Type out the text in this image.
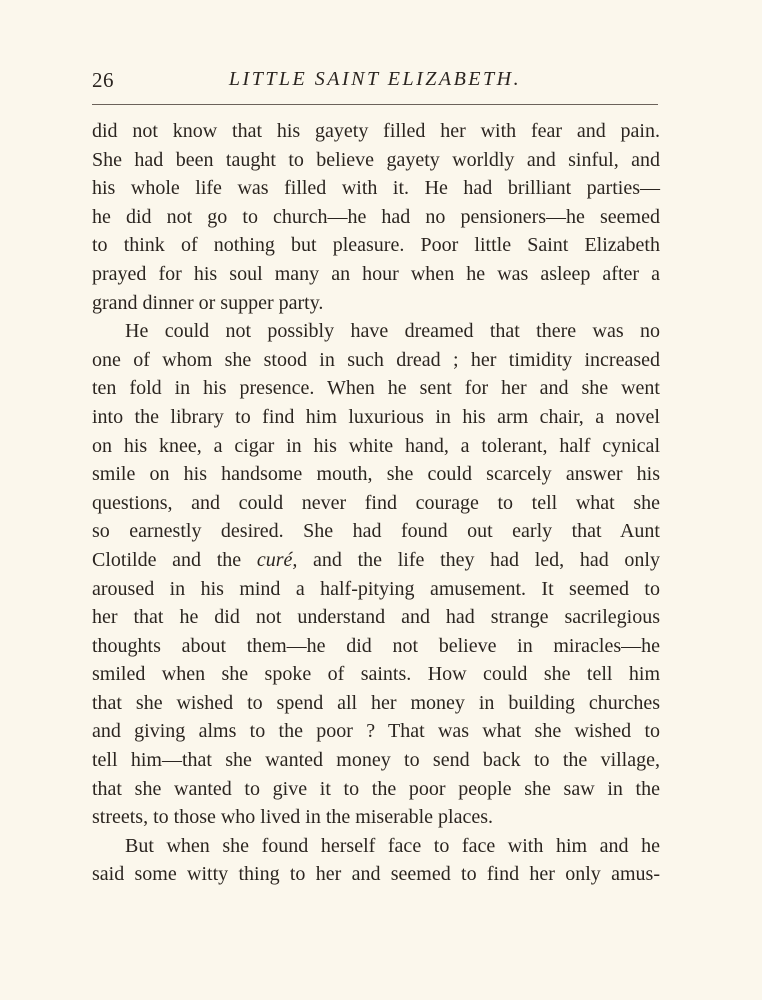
26	LITTLE SAINT ELIZABETH.
did not know that his gayety filled her with fear and pain.
She had been taught to believe gayety worldly and sinful, and
his whole life was filled with it. He had brilliant parties—
he did not go to church—he had no pensioners—he seemed
to think of nothing but pleasure. Poor little Saint Elizabeth
prayed for his soul many an hour when he was asleep after a
grand dinner or supper party.
He could not possibly have dreamed that there was no
one of whom she stood in such dread ; her timidity increased
ten fold in his presence. When he sent for her and she went
into the library to find him luxurious in his arm chair, a novel
on his knee, a cigar in his white hand, a tolerant, half cynical
smile on his handsome mouth, she could scarcely answer his
questions, and could never find courage to tell what she
so earnestly desired. She had found out early that Aunt
Clotilde and the curé, and the life they had led, had only
aroused in his mind a half-pitying amusement. It seemed to
her that he did not understand and had strange sacrilegious
thoughts about them—he did not believe in miracles—he
smiled when she spoke of saints. How could she tell him
that she wished to spend all her money in building churches
and giving alms to the poor ? That was what she wished to
tell him—that she wanted money to send back to the village,
that she wanted to give it to the poor people she saw in the
streets, to those who lived in the miserable places.
But when she found herself face to face with him and he
said some witty thing to her and seemed to find her only amus-
